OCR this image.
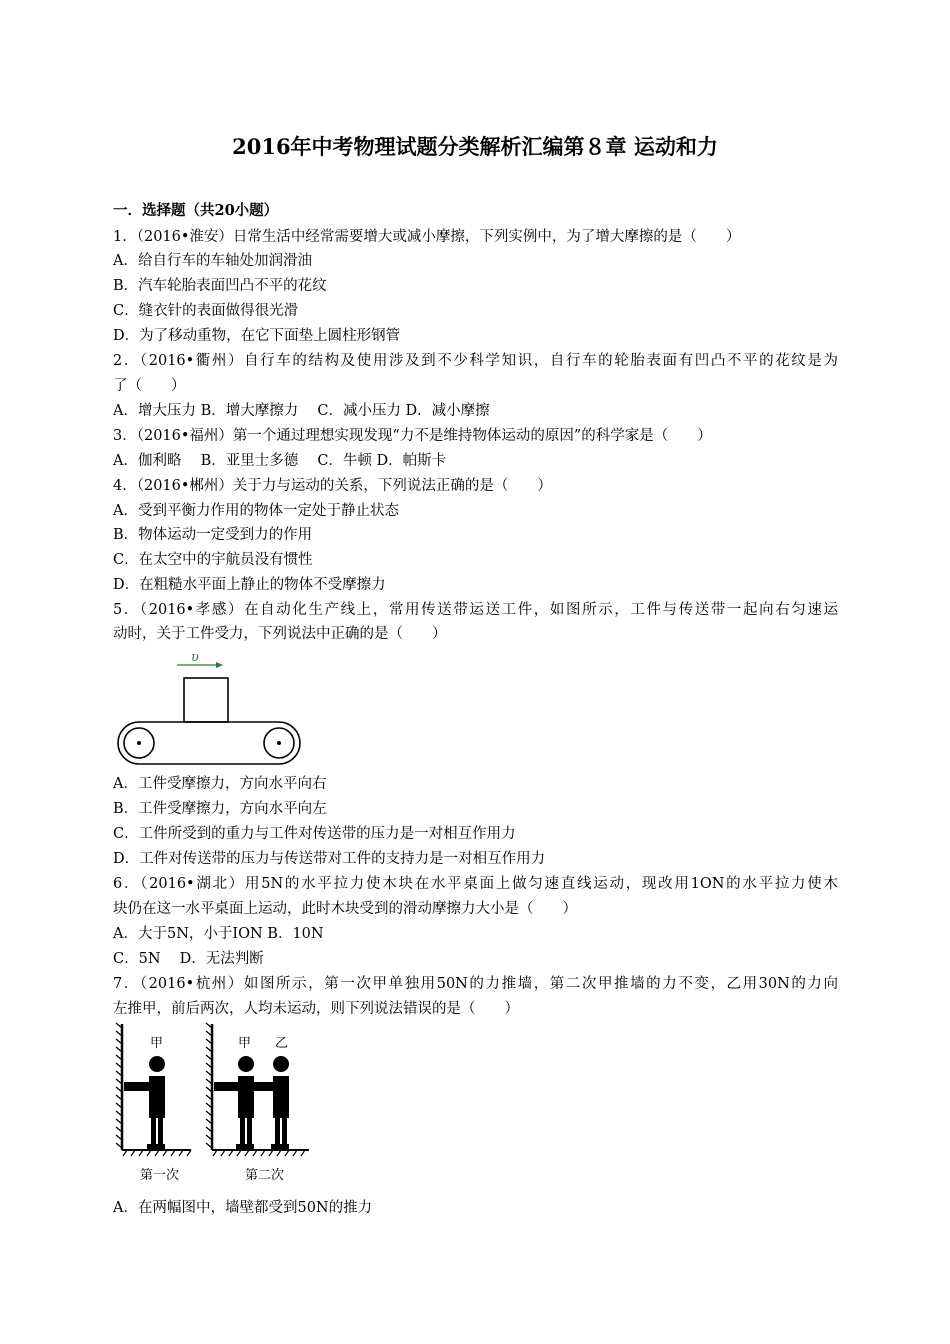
2016年中考物理试题分类解析汇编第８章 运动和力
一．选择题（共20小题）
1．（2016•淮安）日常生活中经常需要增大或减小摩擦，下列实例中，为了增大摩擦的是（　　）
A．给自行车的车轴处加润滑油
B．汽车轮胎表面凹凸不平的花纹
C．缝衣针的表面做得很光滑
D．为了移动重物，在它下面垫上圆柱形钢管
2．（2016•衢州）自行车的结构及使用涉及到不少科学知识，自行车的轮胎表面有凹凸不平的花纹是为
了（　　）
A．增大压力 B．增大摩擦力　 C．减小压力 D．减小摩擦
3．（2016•福州）第一个通过理想实现发现“力不是维持物体运动的原因”的科学家是（　　）
A．伽利略　 B．亚里士多德　 C．牛顿 D．帕斯卡
4．（2016•郴州）关于力与运动的关系，下列说法正确的是（　　）
A．受到平衡力作用的物体一定处于静止状态
B．物体运动一定受到力的作用
C．在太空中的宇航员没有惯性
D．在粗糙水平面上静止的物体不受摩擦力
5．（2016•孝感）在自动化生产线上，常用传送带运送工件，如图所示，工件与传送带一起向右匀速运
动时，关于工件受力，下列说法中正确的是（　　）
υ
A．工件受摩擦力，方向水平向右
B．工件受摩擦力，方向水平向左
C．工件所受到的重力与工件对传送带的压力是一对相互作用力
D．工件对传送带的压力与传送带对工件的支持力是一对相互作用力
6．（2016•湖北）用5N的水平拉力使木块在水平桌面上做匀速直线运动，现改用1ON的水平拉力使木
块仍在这一水平桌面上运动，此时木块受到的滑动摩擦力大小是（　　）
A．大于5N，小于ION B．10N
C．5N　 D．无法判断
7．（2016•杭州）如图所示，第一次甲单独用50N的力推墙，第二次甲推墙的力不变，乙用30N的力向
左推甲，前后两次，人均未运动，则下列说法错误的是（　　）
甲
第一次
甲 乙
第二次
A．在两幅图中，墙壁都受到50N的推力
